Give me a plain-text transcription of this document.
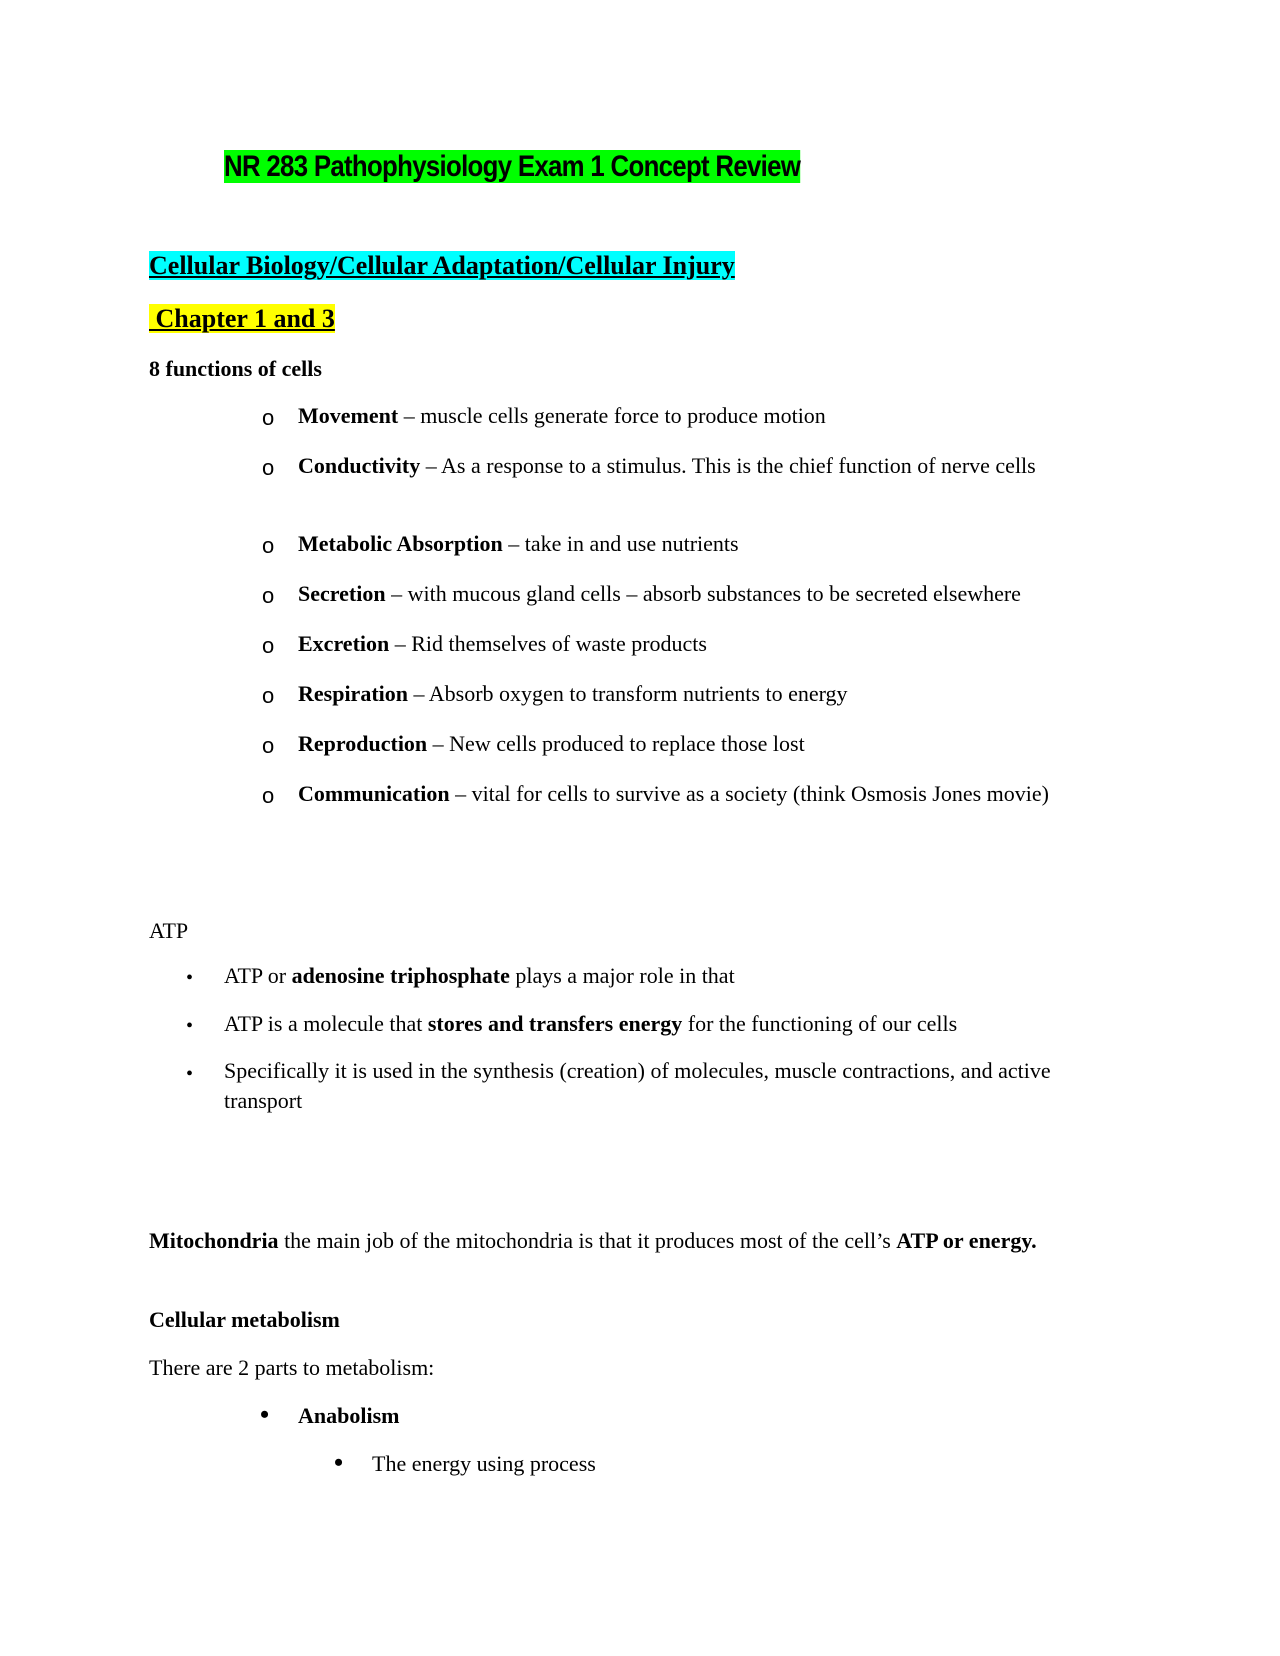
NR 283 Pathophysiology Exam 1 Concept Review
Cellular Biology/Cellular Adaptation/Cellular Injury
Chapter 1 and 3
8 functions of cells
o Movement – muscle cells generate force to produce motion
o Conductivity – As a response to a stimulus. This is the chief function of nerve cells
o Metabolic Absorption – take in and use nutrients
o Secretion – with mucous gland cells – absorb substances to be secreted elsewhere
o Excretion – Rid themselves of waste products
o Respiration – Absorb oxygen to transform nutrients to energy
o Reproduction – New cells produced to replace those lost
o Communication – vital for cells to survive as a society (think Osmosis Jones movie)
ATP
• ATP or adenosine triphosphate plays a major role in that
• ATP is a molecule that stores and transfers energy for the functioning of our cells
• Specifically it is used in the synthesis (creation) of molecules, muscle contractions, and active transport
Mitochondria the main job of the mitochondria is that it produces most of the cell’s ATP or energy.
Cellular metabolism
There are 2 parts to metabolism:
• Anabolism
• The energy using process
